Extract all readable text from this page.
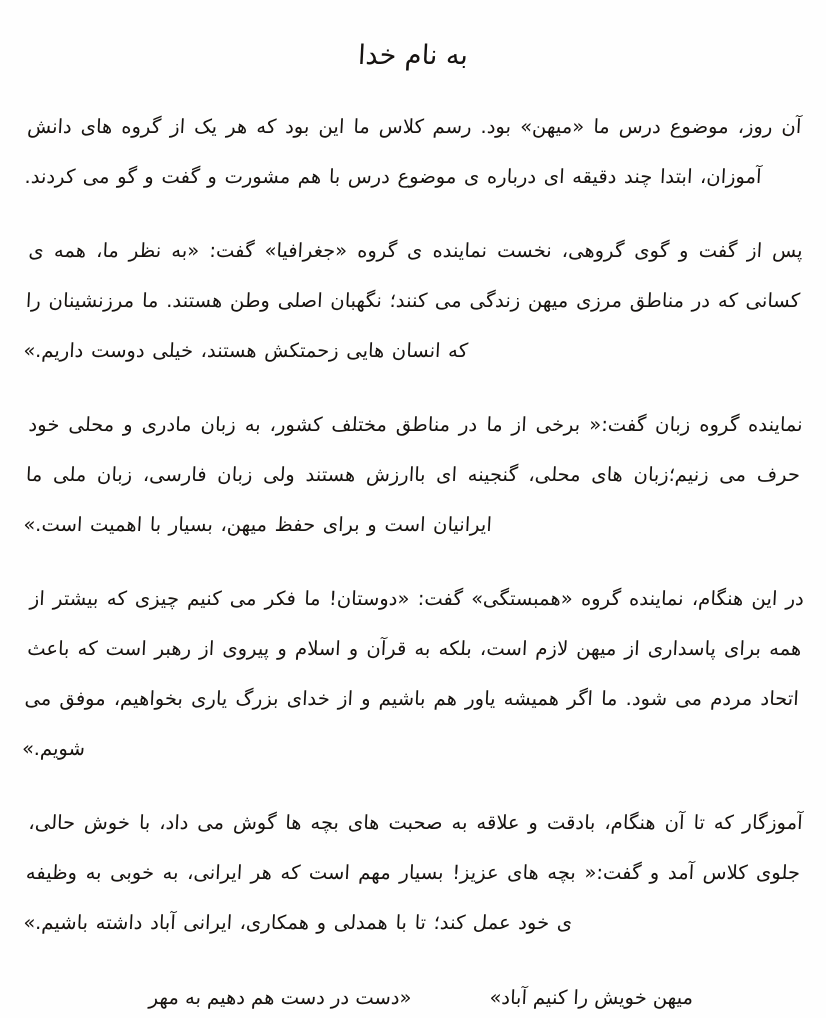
به نام خدا

آن روز، موضوع درس ما «میهن» بود. رسم کلاس ما این بود که هر یک از گروه های دانش آموزان، ابتدا چند دقیقه ای درباره ی موضوع درس با هم مشورت و گفت و گو می کردند.

پس از گفت و گوی گروهی، نخست نماینده ی گروه «جغرافیا» گفت: «به نظر ما، همه ی کسانی که در مناطق مرزی میهن زندگی می کنند؛ نگهبان اصلی وطن هستند. ما مرزنشینان را که انسان هایی زحمتکش هستند، خیلی دوست داریم.»

نماینده گروه زبان گفت:« برخی از ما در مناطق مختلف کشور، به زبان مادری و محلی خود حرف می زنیم؛زبان های محلی، گنجینه ای باارزش هستند ولی زبان فارسی، زبان ملی ما ایرانیان است و برای حفظ میهن، بسیار با اهمیت است.»

در این هنگام، نماینده گروه «همبستگی» گفت: «دوستان! ما فکر می کنیم چیزی که بیشتر از همه برای پاسداری از میهن لازم است، بلکه به قرآن و اسلام و پیروی از رهبر است که باعث اتحاد مردم می شود. ما اگر همیشه یاور هم باشیم و از خدای بزرگ یاری بخواهیم، موفق می شویم.»

آموزگار که تا آن هنگام، بادقت و علاقه به صحبت های بچه ها گوش می داد، با خوش حالی، جلوی کلاس آمد و گفت:« بچه های عزیز! بسیار مهم است که هر ایرانی، به خوبی به وظیفه ی خود عمل کند؛ تا با همدلی و همکاری، ایرانی آباد داشته باشیم.»

میهن خویش را کنیم آباد»
«دست در دست هم دهیم به مهر
